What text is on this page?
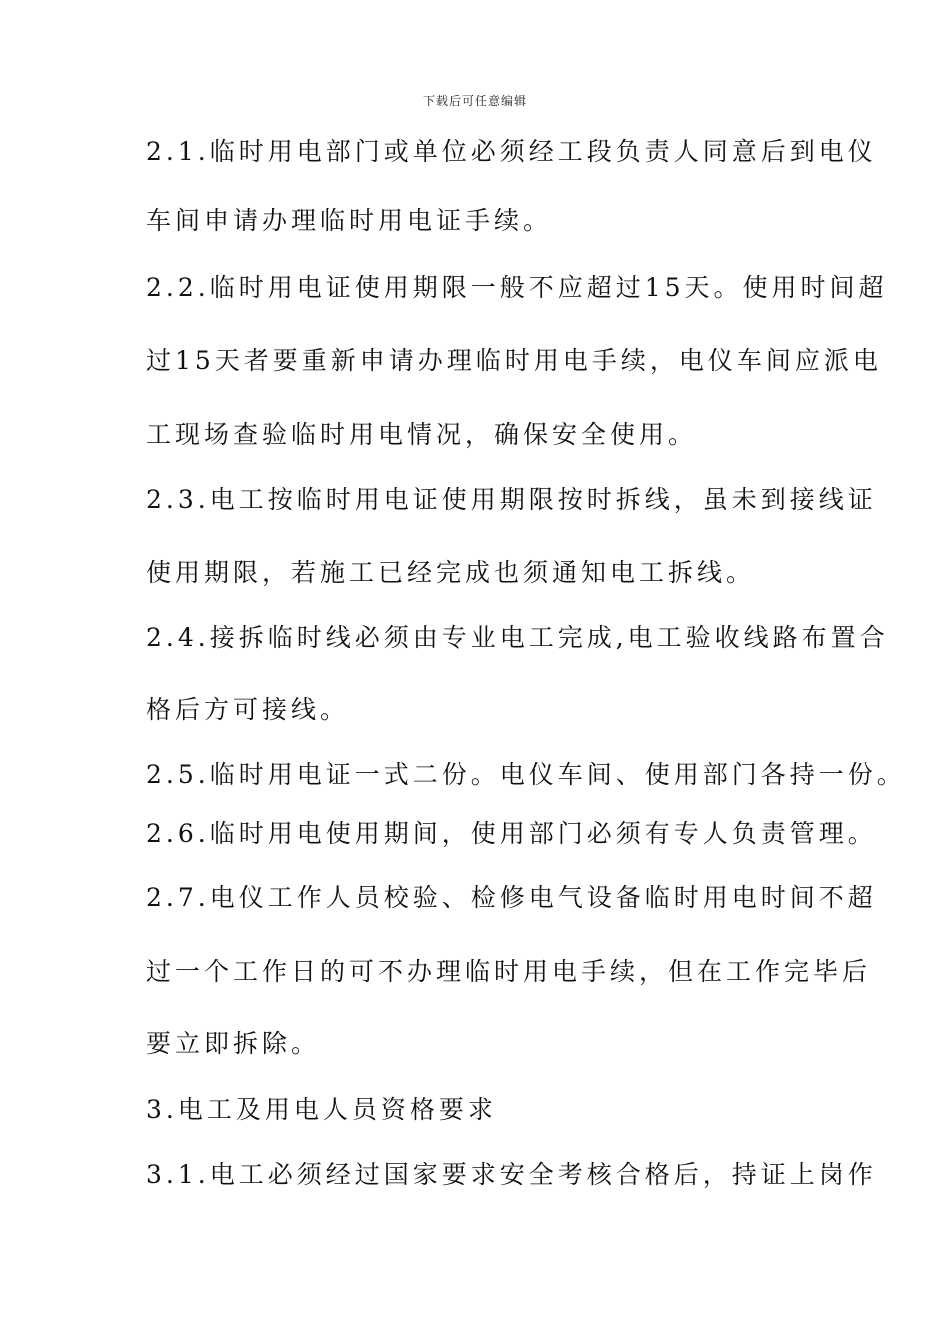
下载后可任意编辑
2.1.临时用电部门或单位必须经工段负责人同意后到电仪
车间申请办理临时用电证手续。
2.2.临时用电证使用期限一般不应超过15天。使用时间超
过15天者要重新申请办理临时用电手续，电仪车间应派电
工现场查验临时用电情况，确保安全使用。
2.3.电工按临时用电证使用期限按时拆线，虽未到接线证
使用期限，若施工已经完成也须通知电工拆线。
2.4.接拆临时线必须由专业电工完成,电工验收线路布置合
格后方可接线。
2.5.临时用电证一式二份。电仪车间、使用部门各持一份。
2.6.临时用电使用期间，使用部门必须有专人负责管理。
2.7.电仪工作人员校验、检修电气设备临时用电时间不超
过一个工作日的可不办理临时用电手续，但在工作完毕后
要立即拆除。
3.电工及用电人员资格要求
3.1.电工必须经过国家要求安全考核合格后，持证上岗作
